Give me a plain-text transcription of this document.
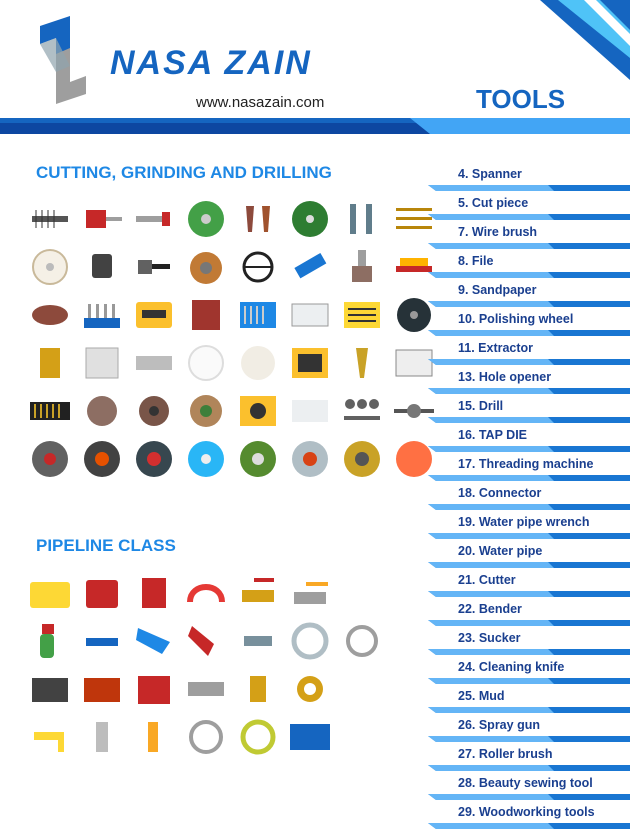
NASA ZAIN
www.nasazain.com	TOOLS
CUTTING, GRINDING AND DRILLING
PIPELINE CLASS
4. Spanner
5. Cut piece
7. Wire brush
8. File
9. Sandpaper
10. Polishing wheel
11. Extractor
13. Hole opener
15. Drill
16. TAP DIE
17. Threading machine
18. Connector
19. Water pipe wrench
20. Water pipe
21. Cutter
22. Bender
23. Sucker
24. Cleaning knife
25. Mud
26. Spray gun
27. Roller brush
28. Beauty sewing tool
29. Woodworking tools
